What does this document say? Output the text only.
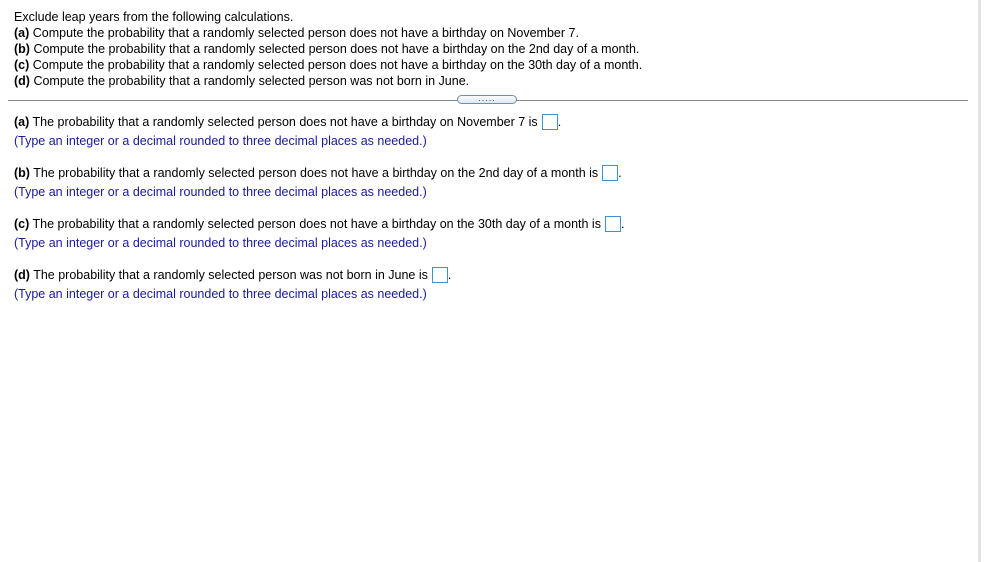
Exclude leap years from the following calculations.
(a) Compute the probability that a randomly selected person does not have a birthday on November 7.
(b) Compute the probability that a randomly selected person does not have a birthday on the 2nd day of a month.
(c) Compute the probability that a randomly selected person does not have a birthday on the 30th day of a month.
(d) Compute the probability that a randomly selected person was not born in June.
.....
(a) The probability that a randomly selected person does not have a birthday on November 7 is .
(Type an integer or a decimal rounded to three decimal places as needed.)
(b) The probability that a randomly selected person does not have a birthday on the 2nd day of a month is .
(Type an integer or a decimal rounded to three decimal places as needed.)
(c) The probability that a randomly selected person does not have a birthday on the 30th day of a month is .
(Type an integer or a decimal rounded to three decimal places as needed.)
(d) The probability that a randomly selected person was not born in June is .
(Type an integer or a decimal rounded to three decimal places as needed.)
